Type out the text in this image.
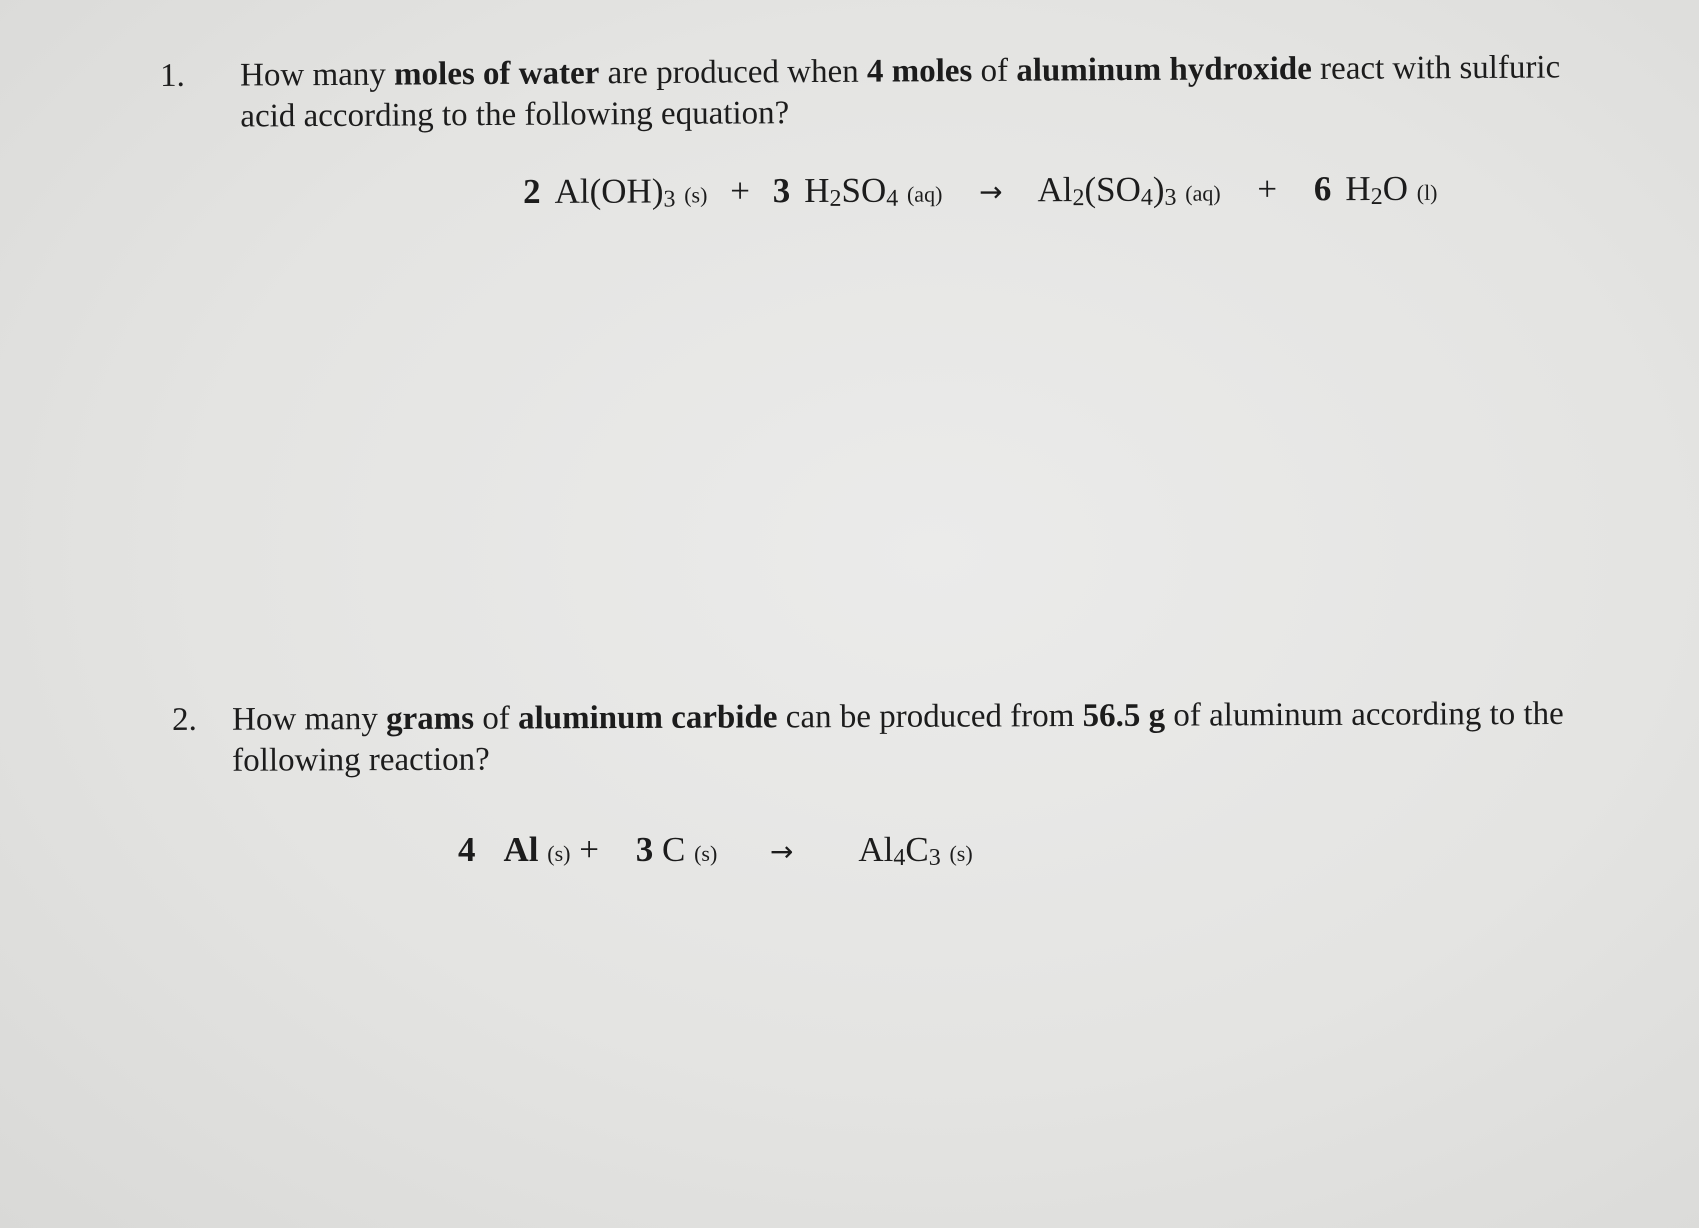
1. How many moles of water are produced when 4 moles of aluminum hydroxide react with sulfuric acid according to the following equation?
2 $Al(OH)_3$ (s) + 3 $H_2SO_4$ $(aq) \to Al_2(SO_4)_3$ (aq) + 6 $H_2O$ (l)
2. How many grams of aluminum carbide can be produced from 56.5 g of aluminum according to the following reaction?
4 Al (s) + 3 C $(s) \to Al_4C_3$ (s)
